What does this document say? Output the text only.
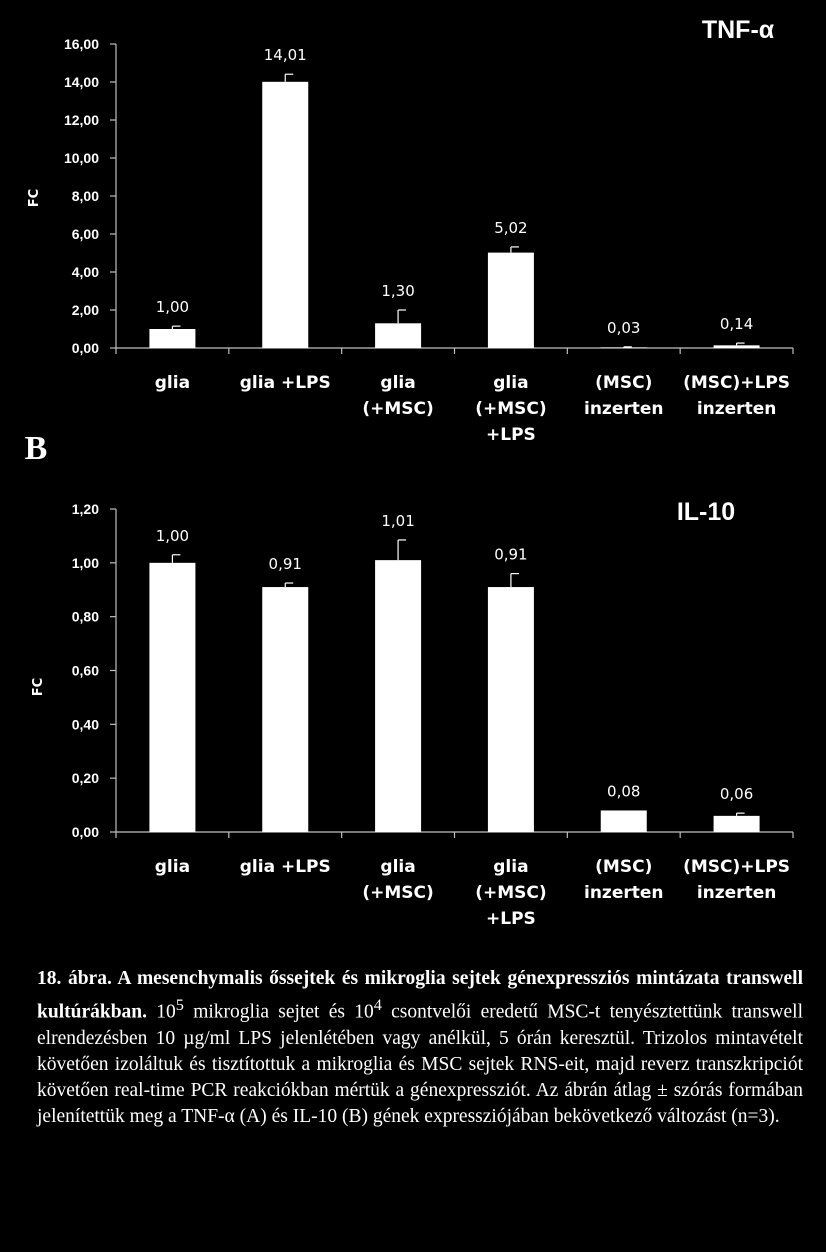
0,00
2,00
4,00
6,00
8,00
10,00
12,00
14,00
16,00
1,00
glia
14,01
glia +LPS
1,30
glia
(+MSC)
5,02
glia
(+MSC)
+LPS
0,03
(MSC)
inzerten
0,14
(MSC)+LPS
inzerten
FC
TNF-α
0,00
0,20
0,40
0,60
0,80
1,00
1,20
1,00
glia
0,91
glia +LPS
1,01
glia
(+MSC)
0,91
glia
(+MSC)
+LPS
0,08
(MSC)
inzerten
0,06
(MSC)+LPS
inzerten
FC
IL-10
B
18. ábra. A mesenchymalis őssejtek és mikroglia sejtek génexpressziós mintázata transwell kultúrákban. $10^5$ mikroglia sejtet és $10^4$ csontvelői eredetű MSC-t tenyésztettünk transwell elrendezésben 10 µg/ml LPS jelenlétében vagy anélkül, 5 órán keresztül. Trizolos mintavételt követően izoláltuk és tisztítottuk a mikroglia és MSC sejtek RNS-eit, majd reverz transzkripciót követően real-time PCR reakciókban mértük a génexpressziót. Az ábrán átlag ± szórás formában jelenítettük meg a TNF-α (A) és IL-10 (B) gének expressziójában bekövetkező változást (n=3).
